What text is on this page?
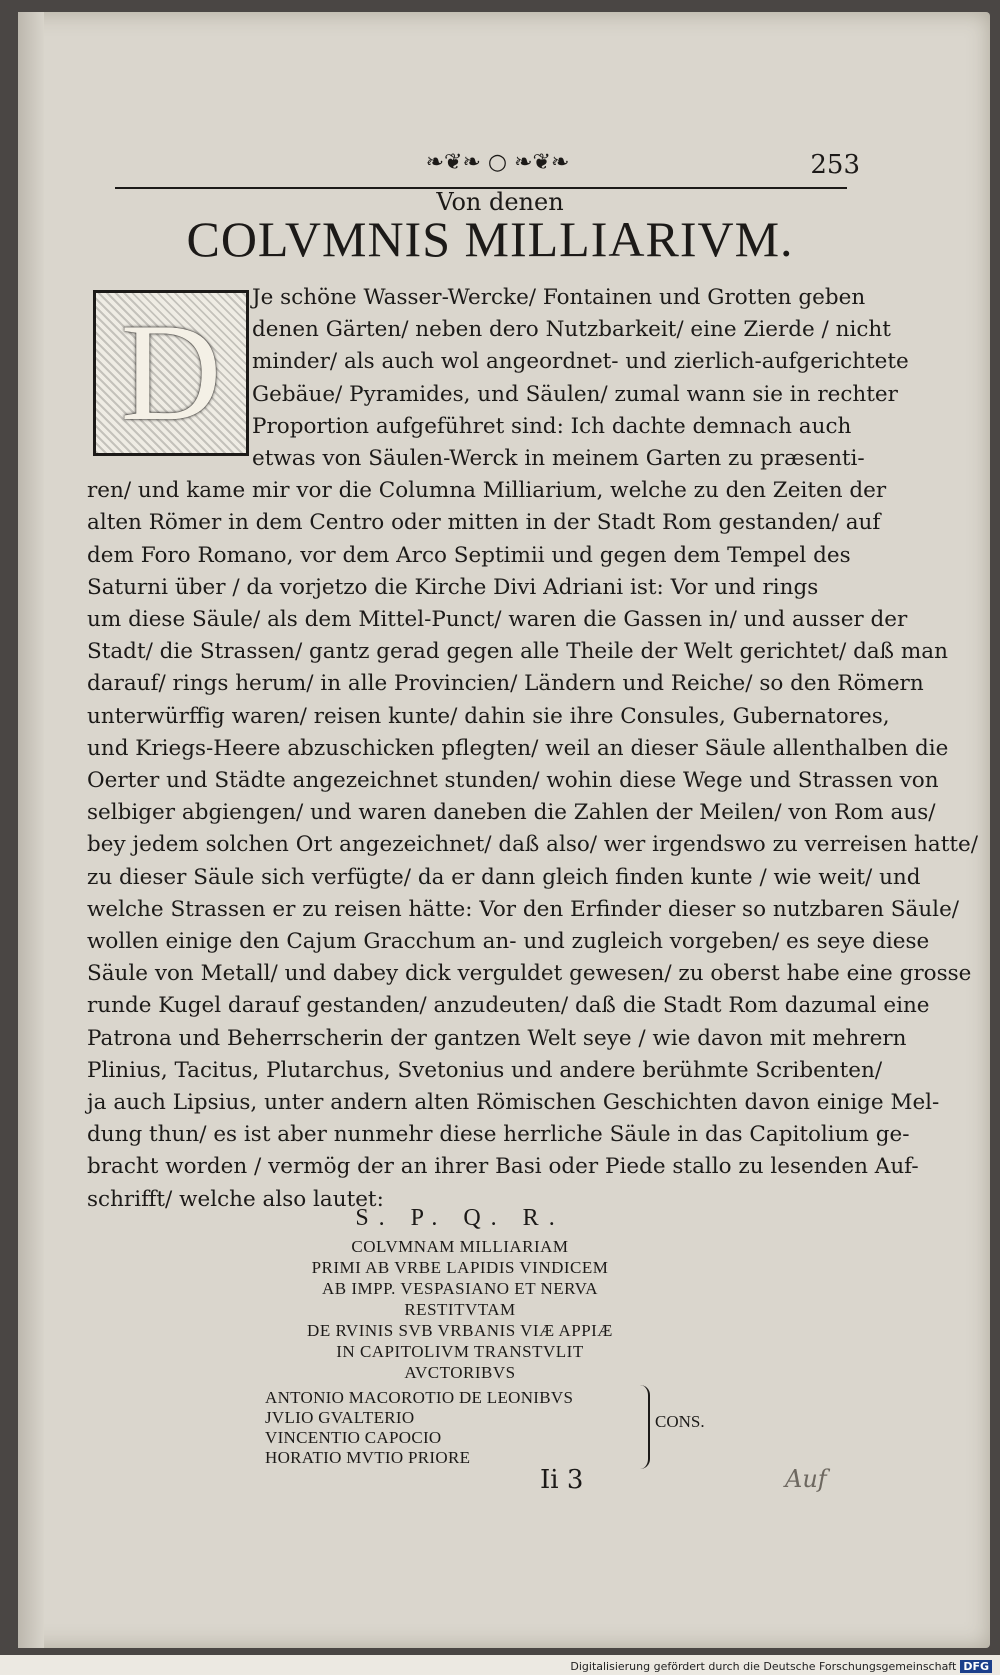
❧❦❧ ○ ❧❦❧	253
Von denen
COLVMNIS MILLIARIVM.
D	Je schöne Wasser-Wercke/ Fontainen und Grotten geben
denen Gärten/ neben dero Nutzbarkeit/ eine Zierde / nicht
minder/ als auch wol angeordnet- und zierlich-aufgerichtete
Gebäue/ Pyramides, und Säulen/ zumal wann sie in rechter
Proportion aufgeführet sind: Ich dachte demnach auch
etwas von Säulen-Werck in meinem Garten zu præsenti-
ren/ und kame mir vor die Columna Milliarium, welche zu den Zeiten der
alten Römer in dem Centro oder mitten in der Stadt Rom gestanden/ auf
dem Foro Romano, vor dem Arco Septimii und gegen dem Tempel des
Saturni über / da vorjetzo die Kirche Divi Adriani ist: Vor und rings
um diese Säule/ als dem Mittel-Punct/ waren die Gassen in/ und ausser der
Stadt/ die Strassen/ gantz gerad gegen alle Theile der Welt gerichtet/ daß man
darauf/ rings herum/ in alle Provincien/ Ländern und Reiche/ so den Römern
unterwürffig waren/ reisen kunte/ dahin sie ihre Consules, Gubernatores,
und Kriegs-Heere abzuschicken pflegten/ weil an dieser Säule allenthalben die
Oerter und Städte angezeichnet stunden/ wohin diese Wege und Strassen von
selbiger abgiengen/ und waren daneben die Zahlen der Meilen/ von Rom aus/
bey jedem solchen Ort angezeichnet/ daß also/ wer irgendswo zu verreisen hatte/
zu dieser Säule sich verfügte/ da er dann gleich finden kunte / wie weit/ und
welche Strassen er zu reisen hätte: Vor den Erfinder dieser so nutzbaren Säule/
wollen einige den Cajum Gracchum an- und zugleich vorgeben/ es seye diese
Säule von Metall/ und dabey dick verguldet gewesen/ zu oberst habe eine grosse
runde Kugel darauf gestanden/ anzudeuten/ daß die Stadt Rom dazumal eine
Patrona und Beherrscherin der gantzen Welt seye / wie davon mit mehrern
Plinius, Tacitus, Plutarchus, Svetonius und andere berühmte Scribenten/
ja auch Lipsius, unter andern alten Römischen Geschichten davon einige Mel-
dung thun/ es ist aber nunmehr diese herrliche Säule in das Capitolium ge-
bracht worden / vermög der an ihrer Basi oder Piede stallo zu lesenden Auf-
schrifft/ welche also lautet:
S. P. Q. R.
COLVMNAM MILLIARIAM
PRIMI AB VRBE LAPIDIS VINDICEM
AB IMPP. VESPASIANO ET NERVA
RESTITVTAM
DE RVINIS SVB VRBANIS VIÆ APPIÆ
IN CAPITOLIVM TRANSTVLIT
AVCTORIBVS
ANTONIO MACOROTIO DE LEONIBVS
JVLIO GVALTERIO
VINCENTIO CAPOCIO
HORATIO MVTIO PRIORE
CONS.
Ii 3	Auf
Digitalisierung gefördert durch die Deutsche Forschungsgemeinschaft DFG
